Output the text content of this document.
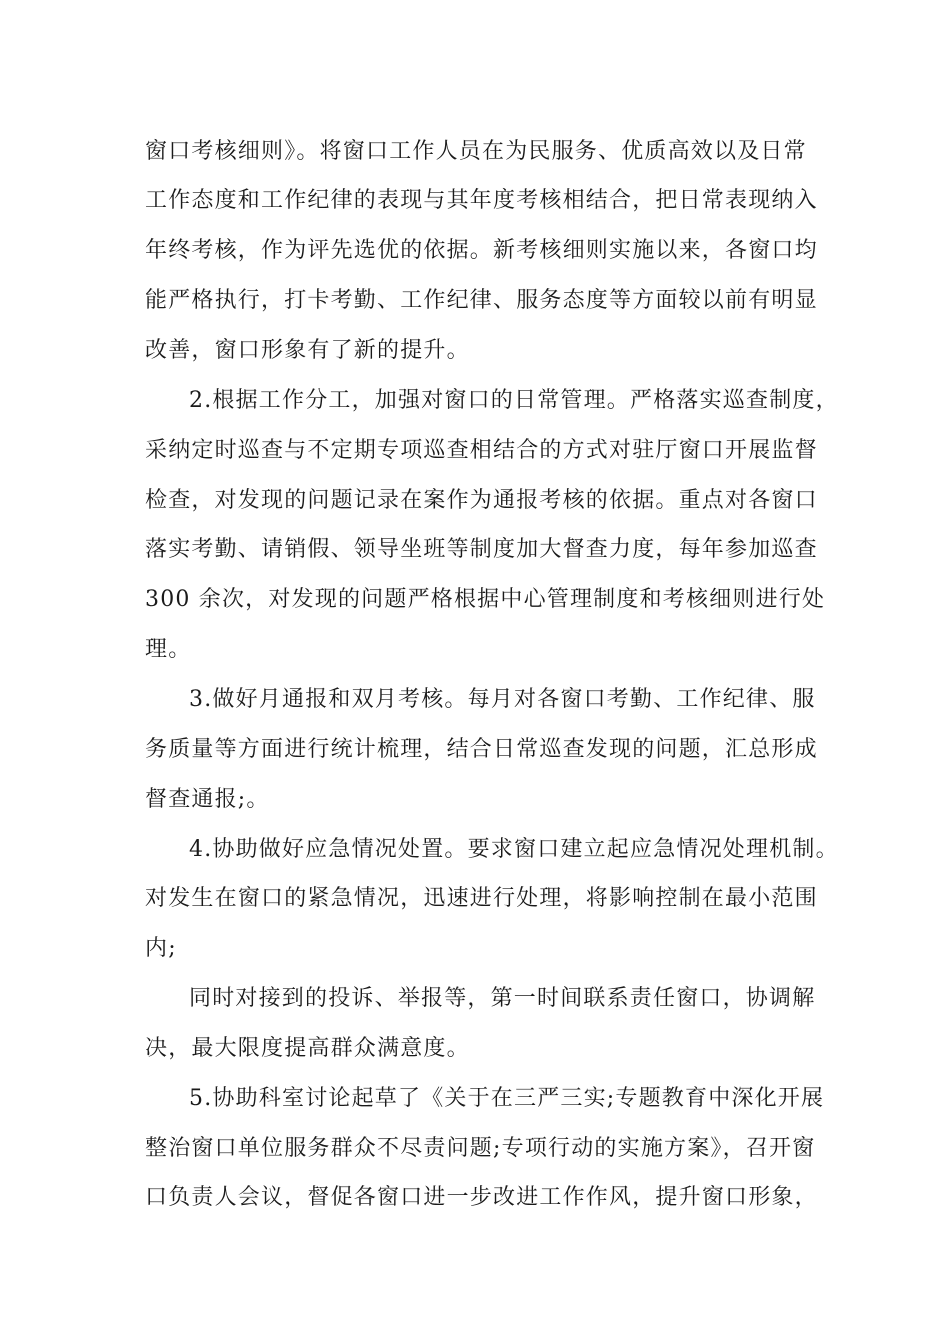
窗口考核细则》。将窗口工作人员在为民服务、优质高效以及日常
工作态度和工作纪律的表现与其年度考核相结合，把日常表现纳入
年终考核，作为评先选优的依据。新考核细则实施以来，各窗口均
能严格执行，打卡考勤、工作纪律、服务态度等方面较以前有明显
改善，窗口形象有了新的提升。
2.根据工作分工，加强对窗口的日常管理。严格落实巡查制度，
采纳定时巡查与不定期专项巡查相结合的方式对驻厅窗口开展监督
检查，对发现的问题记录在案作为通报考核的依据。重点对各窗口
落实考勤、请销假、领导坐班等制度加大督查力度，每年参加巡查
300 余次，对发现的问题严格根据中心管理制度和考核细则进行处
理。
3.做好月通报和双月考核。每月对各窗口考勤、工作纪律、服
务质量等方面进行统计梳理，结合日常巡查发现的问题，汇总形成
督查通报;。
4.协助做好应急情况处置。要求窗口建立起应急情况处理机制。
对发生在窗口的紧急情况，迅速进行处理，将影响控制在最小范围
内;
同时对接到的投诉、举报等，第一时间联系责任窗口，协调解
决，最大限度提高群众满意度。
5.协助科室讨论起草了《关于在三严三实;专题教育中深化开展
整治窗口单位服务群众不尽责问题;专项行动的实施方案》，召开窗
口负责人会议，督促各窗口进一步改进工作作风，提升窗口形象，
